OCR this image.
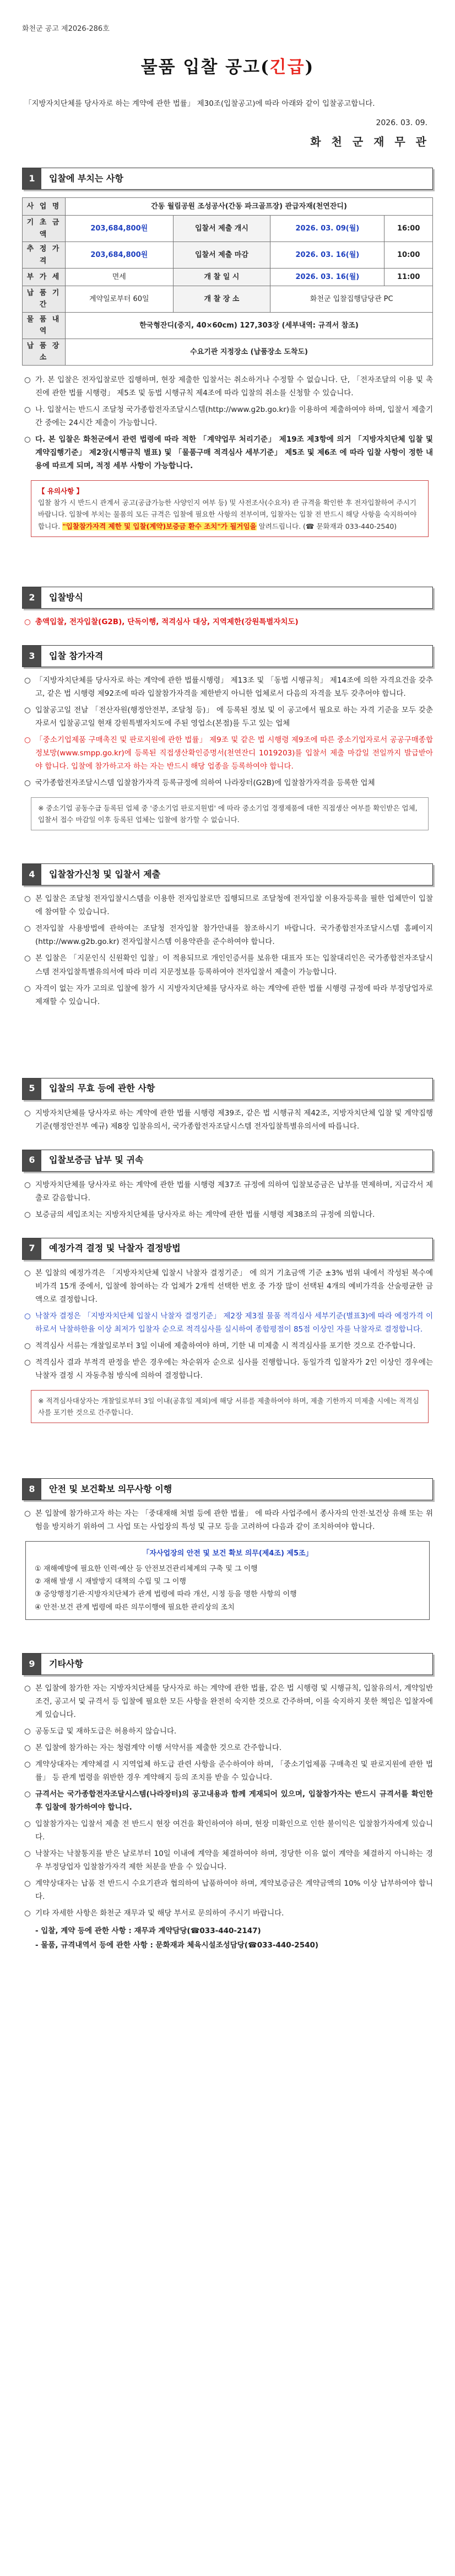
화천군 공고 제2026-286호
물품 입찰 공고(긴급)
「지방자치단체를 당사자로 하는 계약에 관한 법률」 제30조(입찰공고)에 따라 아래와 같이 입찰공고합니다.
2026. 03. 09.
화 천 군 재 무 관
1	입찰에 부치는 사항
사 업 명	간동 월림공원 조성공사(간동 파크골프장) 관급자재(천연잔디)			
기 초 금 액	203,684,800원	입찰서 제출 개시	2026. 03. 09(월)	16:00
추 정 가 격	203,684,800원	입찰서 제출 마감	2026. 03. 16(월)	10:00
부 가 세	면세	개 찰 일 시	2026. 03. 16(월)	11:00
납 품 기 간	계약일로부터 60일	개 찰 장 소	화천군 입찰집행담당관 PC	
물 품 내 역	한국형잔디(중지, 40×60cm) 127,303장 (세부내역: 규격서 참조)			
납 품 장 소	수요기관 지정장소 (납품장소 도착도)			
○ 가. 본 입찰은 전자입찰로만 집행하며, 현장 제출한 입찰서는 취소하거나 수정할 수 없습니다. 단, 「전자조달의 이용 및 촉진에 관한 법률 시행령」 제5조 및 동법 시행규칙 제4조에 따라 입찰의 취소를 신청할 수 있습니다.
○ 나. 입찰서는 반드시 조달청 국가종합전자조달시스템(http://www.g2b.go.kr)을 이용하여 제출하여야 하며, 입찰서 제출기간 중에는 24시간 제출이 가능합니다.
○ 다. 본 입찰은 화천군에서 관련 법령에 따라 적한 「계약업무 처리기준」 제19조 제3항에 의거 「지방자치단체 입찰 및 계약집행기준」 제2장(시행규칙 별표) 및 「물품구매 적격심사 세부기준」 제5조 및 제6조 에 따라 입찰 사항이 정한 내용에 따르게 되며, 적정 세부 사항이 가능합니다.
【 유의사항 】
입찰 참가 시 반드시 관계서 공고(공급가능한 사양인지 여부 등) 및 사전조사(수요자) 관 규격을 확인한 후 전자입찰하여 주시기 바랍니다. 입찰에 부치는 물품의 모든 규격은 입찰에 필요한 사항의 전부이며, 입찰자는 입찰 전 반드시 해당 사항을 숙지하여야 합니다. "입찰참가자격 제한 및 입찰(계약)보증금 환수 조치"가 될거임을 알려드립니다. (☎ 문화재과 033-440-2540)
2	입찰방식
○ 총액입찰, 전자입찰(G2B), 단독이행, 적격심사 대상, 지역제한(강원특별자치도)
3	입찰 참가자격
○ 「지방자치단체를 당사자로 하는 계약에 관한 법률시행령」 제13조 및 「동법 시행규칙」 제14조에 의한 자격요건을 갖추고, 같은 법 시행령 제92조에 따라 입찰참가자격을 제한받지 아니한 업체로서 다음의 자격을 보두 갖추어야 합니다.
○ 입찰공고일 전날 「전산자원(행정안전부, 조달청 등)」 에 등록된 정보 및 이 공고에서 필요로 하는 자격 기준을 모두 갖춘 자로서 입찰공고일 현재 강원특별자치도에 주된 영업소(본점)를 두고 있는 업체
○ 「중소기업제품 구매촉진 및 판로지원에 관한 법률」 제9조 및 같은 법 시행령 제9조에 따른 중소기업자로서 공공구매종합정보망(www.smpp.go.kr)에 등록된 직접생산확인증명서(천연잔디 1019203)를 입찰서 제출 마감일 전일까지 발급받아야 합니다. 입찰에 참가하고자 하는 자는 반드시 해당 업종을 등록하여야 합니다.
○ 국가종합전자조달시스템 입찰참가자격 등록규정에 의하여 나라장터(G2B)에 입찰참가자격을 등록한 업체
※ 중소기업 공동수급 등록된 업체 중 '중소기업 판로지원법' 에 따라 중소기업 경쟁제품에 대한 직접생산 여부를 확인받은 업체, 입찰서 접수 마감일 이후 등록된 업체는 입찰에 참가할 수 없습니다.
4	입찰참가신청 및 입찰서 제출
○ 본 입찰은 조달청 전자입찰시스템을 이용한 전자입찰로만 집행되므로 조달청에 전자입찰 이용자등록을 필한 업체만이 입찰에 참여할 수 있습니다.
○ 전자입찰 사용방법에 관하여는 조달청 전자입찰 참가안내를 참조하시기 바랍니다. 국가종합전자조달시스템 홈페이지(http://www.g2b.go.kr) 전자입찰시스템 이용약관을 준수하여야 합니다.
○ 본 입찰은 「지문인식 신원확인 입찰」이 적용되므로 개인인증서를 보유한 대표자 또는 입찰대리인은 국가종합전자조달시스템 전자입찰특별유의서에 따라 미리 지문정보를 등록하여야 전자입찰서 제출이 가능합니다.
○ 자격이 없는 자가 고의로 입찰에 참가 시 지방자치단체를 당사자로 하는 계약에 관한 법률 시행령 규정에 따라 부정당업자로 제재할 수 있습니다.
5	입찰의 무효 등에 관한 사항
○ 지방자치단체를 당사자로 하는 계약에 관한 법률 시행령 제39조, 같은 법 시행규칙 제42조, 지방자치단체 입찰 및 계약집행기준(행정안전부 예규) 제8장 입찰유의서, 국가종합전자조달시스템 전자입찰특별유의서에 따릅니다.
6	입찰보증금 납부 및 귀속
○ 지방자치단체를 당사자로 하는 계약에 관한 법률 시행령 제37조 규정에 의하여 입찰보증금은 납부를 면제하며, 지급각서 제출로 갈음합니다.
○ 보증금의 세입조치는 지방자치단체를 당사자로 하는 계약에 관한 법률 시행령 제38조의 규정에 의합니다.
7	예정가격 결정 및 낙찰자 결정방법
○ 본 입찰의 예정가격은 「지방자치단체 입찰시 낙찰자 결정기준」 에 의거 기초금액 기준 ±3% 범위 내에서 작성된 복수예비가격 15개 중에서, 입찰에 참여하는 각 업체가 2개씩 선택한 번호 중 가장 많이 선택된 4개의 예비가격을 산술평균한 금액으로 결정합니다.
○ 낙찰자 결정은 「지방자치단체 입찰시 낙찰자 결정기준」 제2장 제3절 물품 적격심사 세부기준(별표3)에 따라 예정가격 이하로서 낙찰하한율 이상 최저가 입찰자 순으로 적격심사를 실시하여 종합평점이 85점 이상인 자를 낙찰자로 결정합니다.
○ 적격심사 서류는 개찰일로부터 3일 이내에 제출하여야 하며, 기한 내 미제출 시 적격심사를 포기한 것으로 간주합니다.
○ 적격심사 결과 부적격 판정을 받은 경우에는 차순위자 순으로 심사를 진행합니다. 동일가격 입찰자가 2인 이상인 경우에는 낙찰자 결정 시 자동추첨 방식에 의하여 결정합니다.
※ 적격심사대상자는 개찰일로부터 3일 이내(공휴일 제외)에 해당 서류를 제출하여야 하며, 제출 기한까지 미제출 시에는 적격심사를 포기한 것으로 간주합니다.
8	안전 및 보건확보 의무사항 이행
○ 본 입찰에 참가하고자 하는 자는 「중대재해 처벌 등에 관한 법률」 에 따라 사업주에서 종사자의 안전·보건상 유해 또는 위험을 방지하기 위하여 그 사업 또는 사업장의 특성 및 규모 등을 고려하여 다음과 같이 조치하여야 합니다.
「자사업장의 안전 및 보건 확보 의무(제4조) 제5조」
① 재해예방에 필요한 인력·예산 등 안전보건관리체계의 구축 및 그 이행
② 재해 발생 시 재발방지 대책의 수립 및 그 이행
③ 중앙행정기관·지방자치단체가 관계 법령에 따라 개선, 시정 등을 명한 사항의 이행
④ 안전·보건 관계 법령에 따른 의무이행에 필요한 관리상의 조치
9	기타사항
○ 본 입찰에 참가한 자는 지방자치단체를 당사자로 하는 계약에 관한 법률, 같은 법 시행령 및 시행규칙, 입찰유의서, 계약일반조건, 공고서 및 규격서 등 입찰에 필요한 모든 사항을 완전히 숙지한 것으로 간주하며, 이를 숙지하지 못한 책임은 입찰자에게 있습니다.
○ 공동도급 및 재하도급은 허용하지 않습니다.
○ 본 입찰에 참가하는 자는 청렴계약 이행 서약서를 제출한 것으로 간주합니다.
○ 계약상대자는 계약체결 시 지역업체 하도급 관련 사항을 준수하여야 하며, 「중소기업제품 구매촉진 및 판로지원에 관한 법률」 등 관계 법령을 위반한 경우 계약해지 등의 조치를 받을 수 있습니다.
○ 규격서는 국가종합전자조달시스템(나라장터)의 공고내용과 함께 게재되어 있으며, 입찰참가자는 반드시 규격서를 확인한 후 입찰에 참가하여야 합니다.
○ 입찰참가자는 입찰서 제출 전 반드시 현장 여건을 확인하여야 하며, 현장 미확인으로 인한 불이익은 입찰참가자에게 있습니다.
○ 낙찰자는 낙찰통지를 받은 날로부터 10일 이내에 계약을 체결하여야 하며, 정당한 이유 없이 계약을 체결하지 아니하는 경우 부정당업자 입찰참가자격 제한 처분을 받을 수 있습니다.
○ 계약상대자는 납품 전 반드시 수요기관과 협의하여 납품하여야 하며, 계약보증금은 계약금액의 10% 이상 납부하여야 합니다.
○ 기타 자세한 사항은 화천군 재무과 및 해당 부서로 문의하여 주시기 바랍니다.
- 입찰, 계약 등에 관한 사항 : 재무과 계약담당(☎033-440-2147)
- 물품, 규격내역서 등에 관한 사항 : 문화재과 체육시설조성담당(☎033-440-2540)
